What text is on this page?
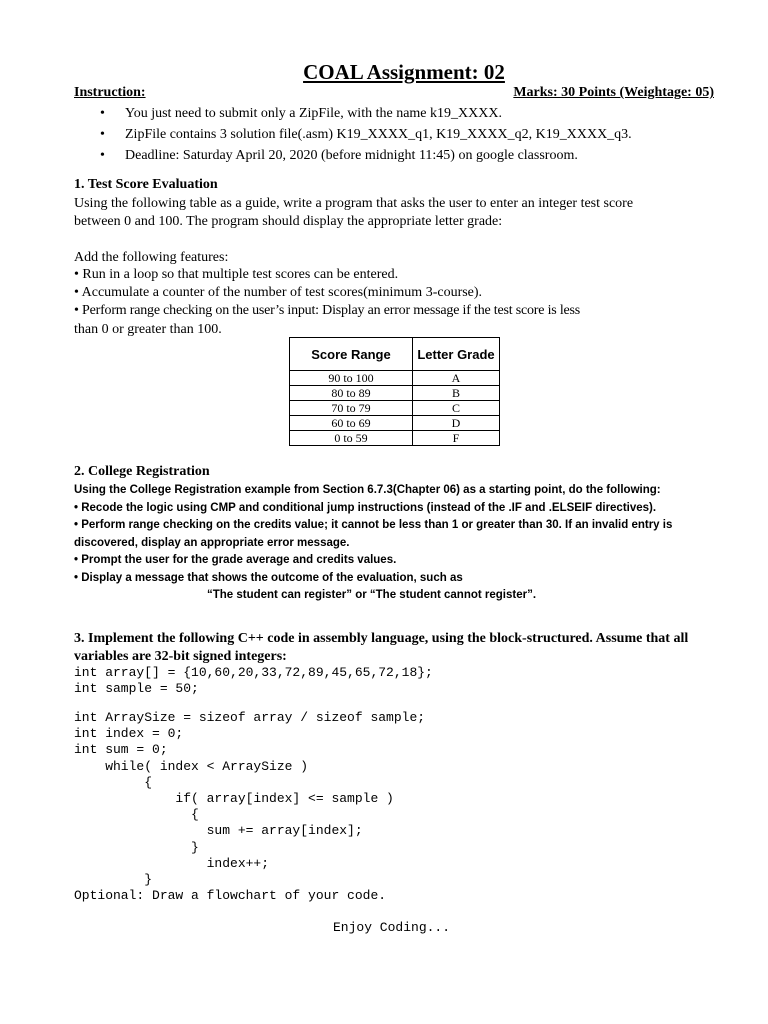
COAL Assignment: 02
Instruction:	Marks: 30 Points (Weightage: 05)
• You just need to submit only a ZipFile, with the name k19_XXXX.
• ZipFile contains 3 solution file(.asm) K19_XXXX_q1, K19_XXXX_q2, K19_XXXX_q3.
• Deadline: Saturday April 20, 2020 (before midnight 11:45) on google classroom.
1. Test Score Evaluation
Using the following table as a guide, write a program that asks the user to enter an integer test score
between 0 and 100. The program should display the appropriate letter grade:
Add the following features:
• Run in a loop so that multiple test scores can be entered.
• Accumulate a counter of the number of test scores(minimum 3-course).
• Perform range checking on the user’s input: Display an error message if the test score is less
than 0 or greater than 100.
Score Range	Letter Grade
90 to 100	A
80 to 89	B
70 to 79	C
60 to 69	D
0 to 59	F
2. College Registration
Using the College Registration example from Section 6.7.3(Chapter 06) as a starting point, do the following:
• Recode the logic using CMP and conditional jump instructions (instead of the .IF and .ELSEIF directives).
• Perform range checking on the credits value; it cannot be less than 1 or greater than 30. If an invalid entry is
discovered, display an appropriate error message.
• Prompt the user for the grade average and credits values.
• Display a message that shows the outcome of the evaluation, such as
“The student can register” or “The student cannot register”.
3. Implement the following C++ code in assembly language, using the block-structured. Assume that all
variables are 32-bit signed integers:
int array[] = {10,60,20,33,72,89,45,65,72,18};
int sample = 50;
int ArraySize = sizeof array / sizeof sample;
int index = 0;
int sum = 0;
while( index < ArraySize )
{
if( array[index] <= sample )
{
sum += array[index];
}
index++;
}
Optional: Draw a flowchart of your code.
Enjoy Coding...
